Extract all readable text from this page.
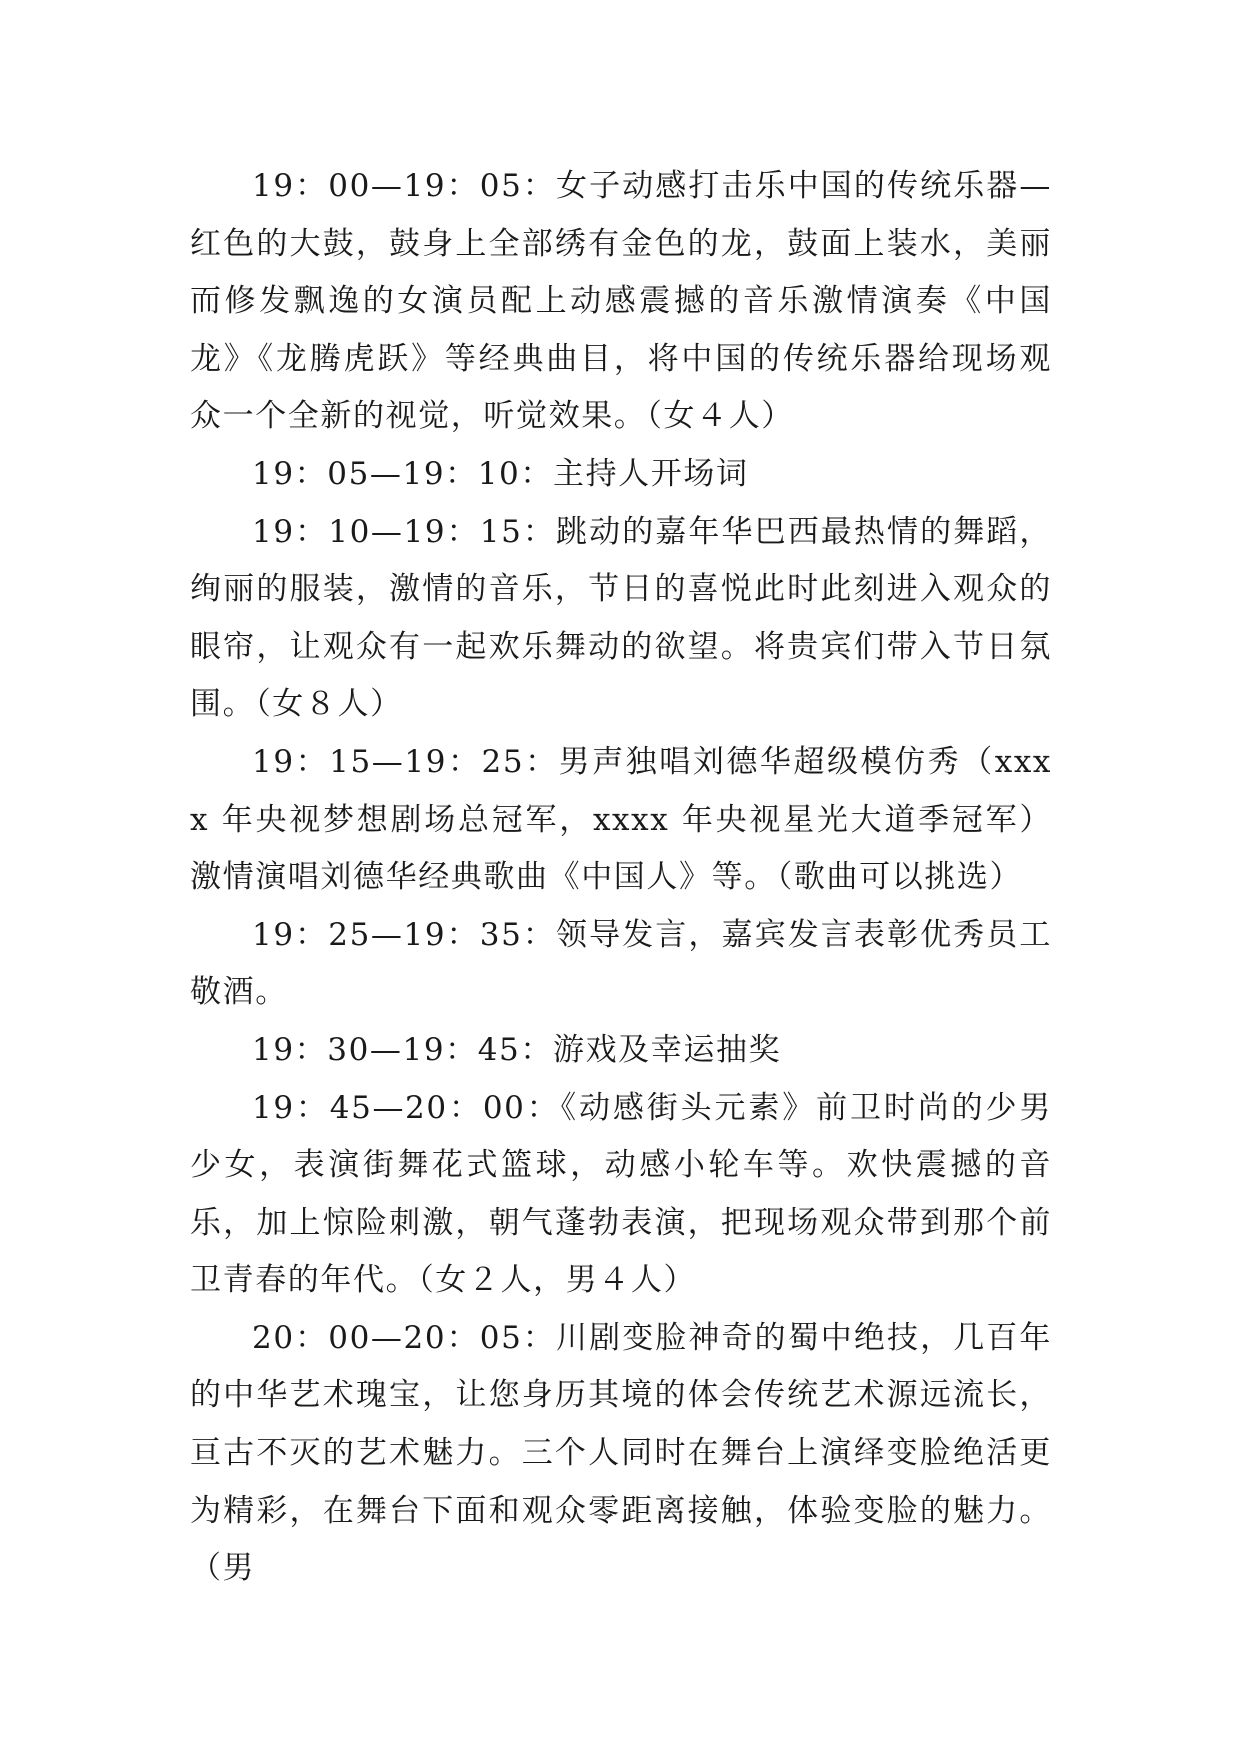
19：00—19：05：女子动感打击乐中国的传统乐器—红色的大鼓，鼓身上全部绣有金色的龙，鼓面上装水，美丽而修发飘逸的女演员配上动感震撼的音乐激情演奏《中国龙》《龙腾虎跃》等经典曲目，将中国的传统乐器给现场观众一个全新的视觉，听觉效果。（女４人）

19：05—19：10：主持人开场词

19：10—19：15：跳动的嘉年华巴西最热情的舞蹈，绚丽的服装，激情的音乐，节日的喜悦此时此刻进入观众的眼帘，让观众有一起欢乐舞动的欲望。将贵宾们带入节日氛围。（女８人）

19：15—19：25：男声独唱刘德华超级模仿秀（xxxx 年央视梦想剧场总冠军，xxxx 年央视星光大道季冠军）激情演唱刘德华经典歌曲《中国人》等。（歌曲可以挑选）

19：25—19：35：领导发言，嘉宾发言表彰优秀员工敬酒。

19：30—19：45：游戏及幸运抽奖

19：45—20：00：《动感街头元素》前卫时尚的少男少女，表演街舞花式篮球，动感小轮车等。欢快震撼的音乐，加上惊险刺激，朝气蓬勃表演，把现场观众带到那个前卫青春的年代。（女２人，男４人）

20：00—20：05：川剧变脸神奇的蜀中绝技，几百年的中华艺术瑰宝，让您身历其境的体会传统艺术源远流长，亘古不灭的艺术魅力。三个人同时在舞台上演绎变脸绝活更为精彩，在舞台下面和观众零距离接触，体验变脸的魅力。（男
